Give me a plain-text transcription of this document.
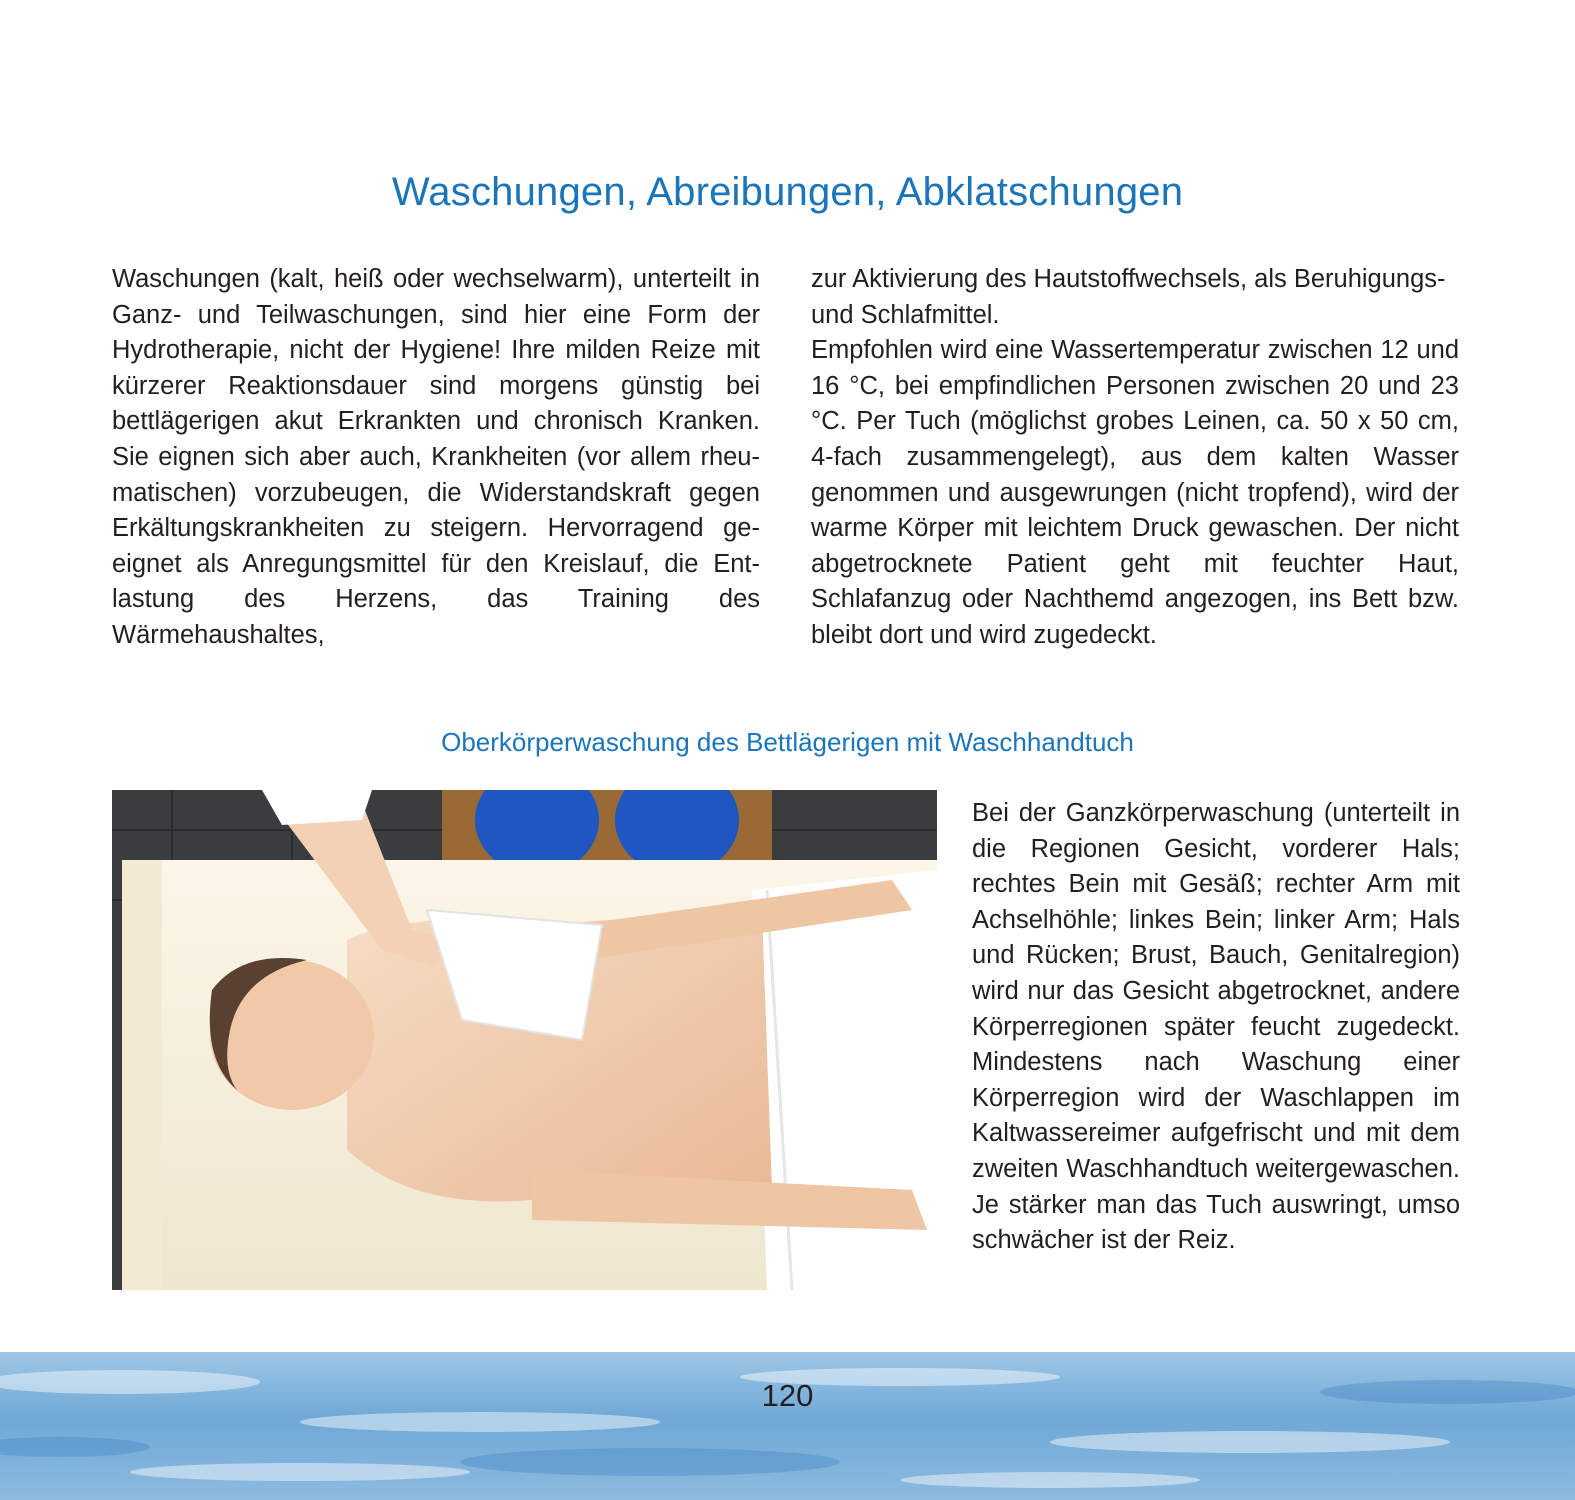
Waschungen, Abreibungen, Abklatschungen

Waschungen (kalt, heiß oder wechselwarm), unterteilt in Ganz- und Teilwaschungen, sind hier eine Form der Hydrotherapie, nicht der Hygiene! Ihre milden Reize mit kürzerer Reaktionsdauer sind morgens günstig bei bettlägerigen akut Erkrankten und chronisch Kranken. Sie eignen sich aber auch, Krankheiten (vor allem rheumatischen) vorzubeugen, die Widerstandskraft gegen Erkältungskrankheiten zu steigern. Hervorragend geeignet als Anregungsmittel für den Kreislauf, die Entlastung des Herzens, das Training des Wärmehaushaltes,

zur Aktivierung des Hautstoffwechsels, als Beruhigungs- und Schlafmittel.

Empfohlen wird eine Wassertemperatur zwischen 12 und 16 °C, bei empfindlichen Personen zwischen 20 und 23 °C. Per Tuch (möglichst grobes Leinen, ca. 50 x 50 cm, 4-fach zusammengelegt), aus dem kalten Wasser genommen und ausgewrungen (nicht tropfend), wird der warme Körper mit leichtem Druck gewaschen. Der nicht abgetrocknete Patient geht mit feuchter Haut, Schlafanzug oder Nachthemd angezogen, ins Bett bzw. bleibt dort und wird zugedeckt.

Oberkörperwaschung des Bettlägerigen mit Waschhandtuch

Bei der Ganzkörperwaschung (unterteilt in die Regionen Gesicht, vorderer Hals; rechtes Bein mit Gesäß; rechter Arm mit Achselhöhle; linkes Bein; linker Arm; Hals und Rücken; Brust, Bauch, Genitalregion) wird nur das Gesicht abgetrocknet, andere Körperregionen später feucht zugedeckt. Mindestens nach Waschung einer Körperregion wird der Waschlappen im Kaltwassereimer aufgefrischt und mit dem zweiten Waschhandtuch weitergewaschen. Je stärker man das Tuch auswringt, umso schwächer ist der Reiz.

120
